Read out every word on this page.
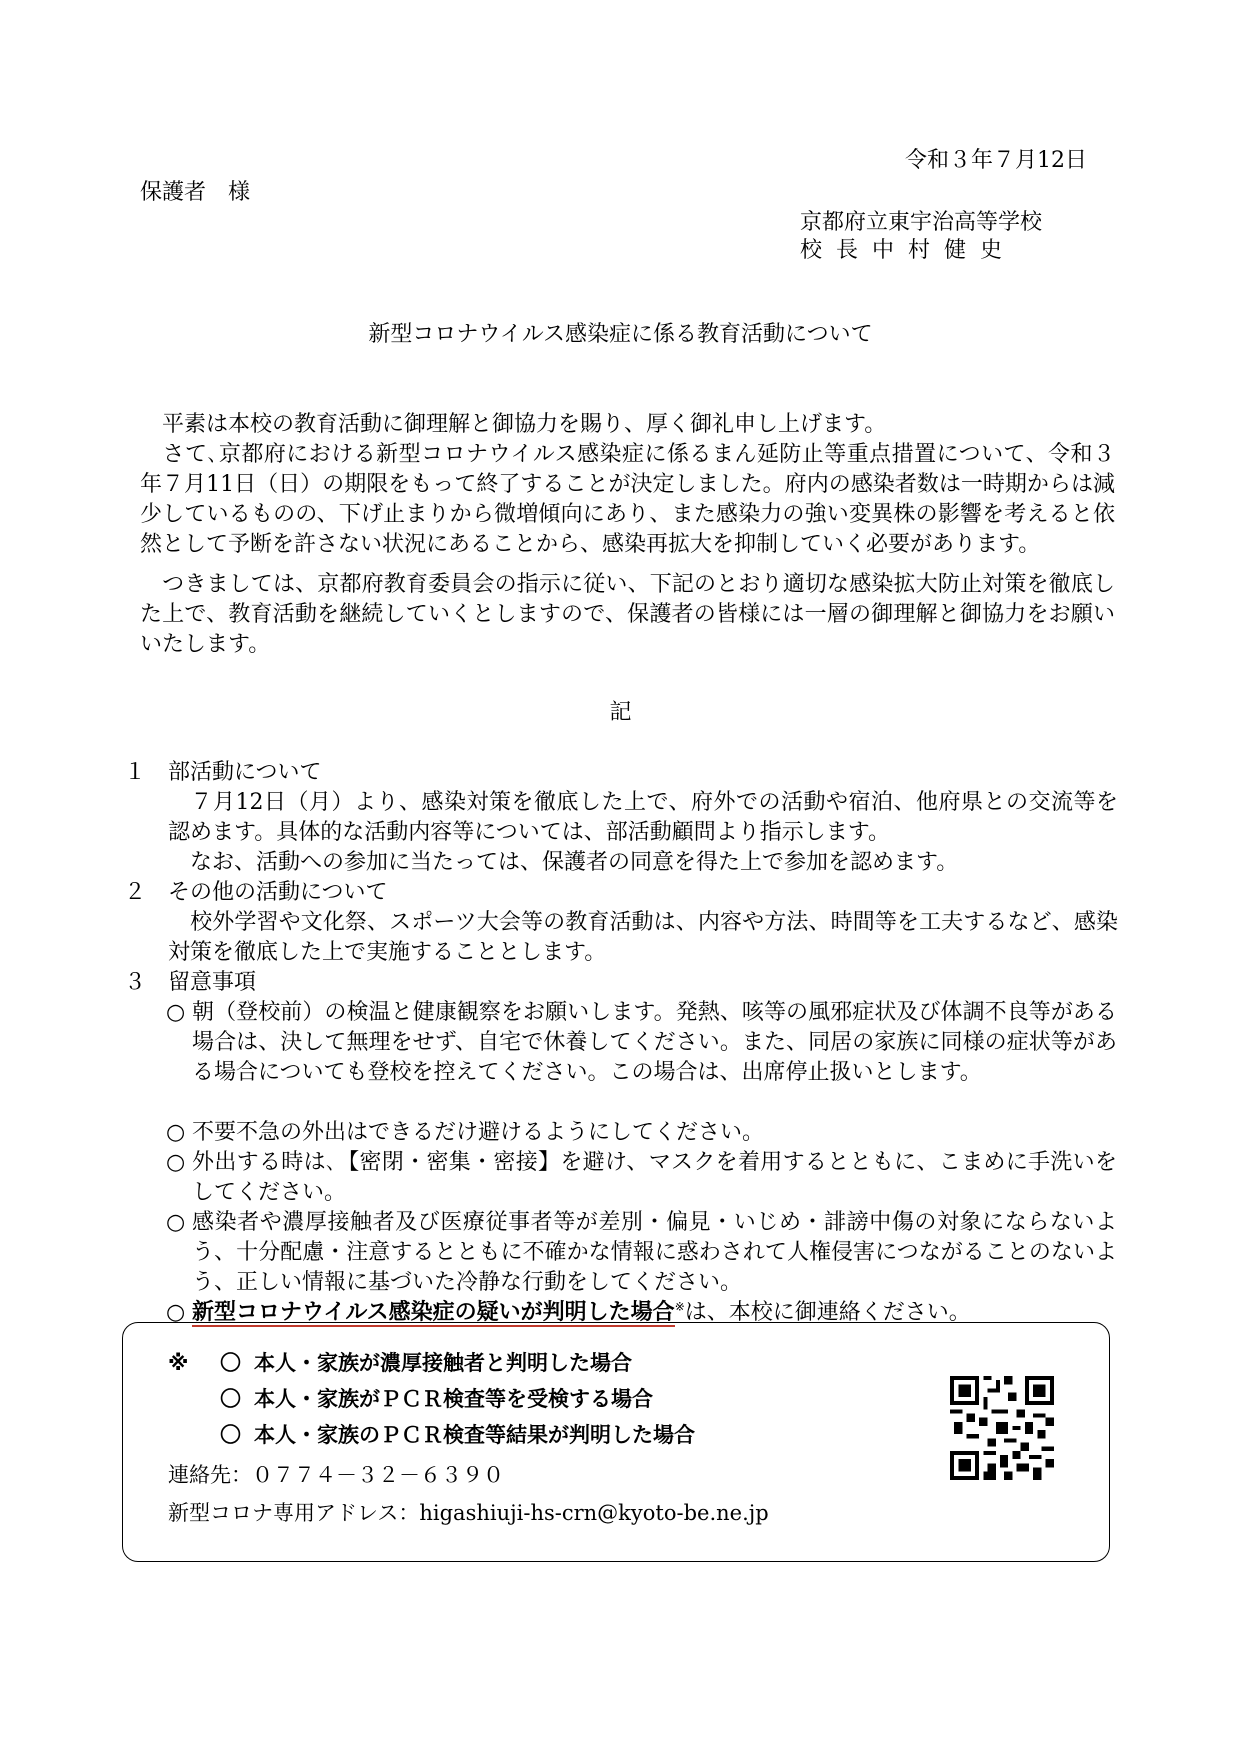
令和３年７月12日
保護者　様
京都府立東宇治高等学校
校長中村健史
新型コロナウイルス感染症に係る教育活動について
　平素は本校の教育活動に御理解と御協力を賜り、厚く御礼申し上げます。
　さて､京都府における新型コロナウイルス感染症に係るまん延防止等重点措置について、令和３年７月11日（日）の期限をもって終了することが決定しました。府内の感染者数は一時期からは減少しているものの、下げ止まりから微増傾向にあり、また感染力の強い変異株の影響を考えると依然として予断を許さない状況にあることから、感染再拡大を抑制していく必要があります。
　つきましては、京都府教育委員会の指示に従い、下記のとおり適切な感染拡大防止対策を徹底した上で、教育活動を継続していくとしますので、保護者の皆様には一層の御理解と御協力をお願いいたします。
記
１ 部活動について
　７月12日（月）より、感染対策を徹底した上で、府外での活動や宿泊、他府県との交流等を認めます。具体的な活動内容等については、部活動顧問より指示します。
　なお、活動への参加に当たっては、保護者の同意を得た上で参加を認めます。
２ その他の活動について
　校外学習や文化祭、スポーツ大会等の教育活動は、内容や方法、時間等を工夫するなど、感染対策を徹底した上で実施することとします。
３ 留意事項
○ 朝（登校前）の検温と健康観察をお願いします。発熱、咳等の風邪症状及び体調不良等がある場合は、決して無理をせず、自宅で休養してください。また、同居の家族に同様の症状等がある場合についても登校を控えてください。この場合は、出席停止扱いとします。
○ 不要不急の外出はできるだけ避けるようにしてください。
○ 外出する時は､【密閉・密集・密接】を避け、マスクを着用するとともに、こまめに手洗いをしてください。
○ 感染者や濃厚接触者及び医療従事者等が差別・偏見・いじめ・誹謗中傷の対象にならないよう、十分配慮・注意するとともに不確かな情報に惑わされて人権侵害につながることのないよう、正しい情報に基づいた冷静な行動をしてください。
○ 新型コロナウイルス感染症の疑いが判明した場合※は、本校に御連絡ください。
※ 〇 本人・家族が濃厚接触者と判明した場合
〇 本人・家族がＰＣＲ検査等を受検する場合
〇 本人・家族のＰＣＲ検査等結果が判明した場合
連絡先：０７７４－３２－６３９０
新型コロナ専用アドレス：higashiuji-hs-crn@kyoto-be.ne.jp
